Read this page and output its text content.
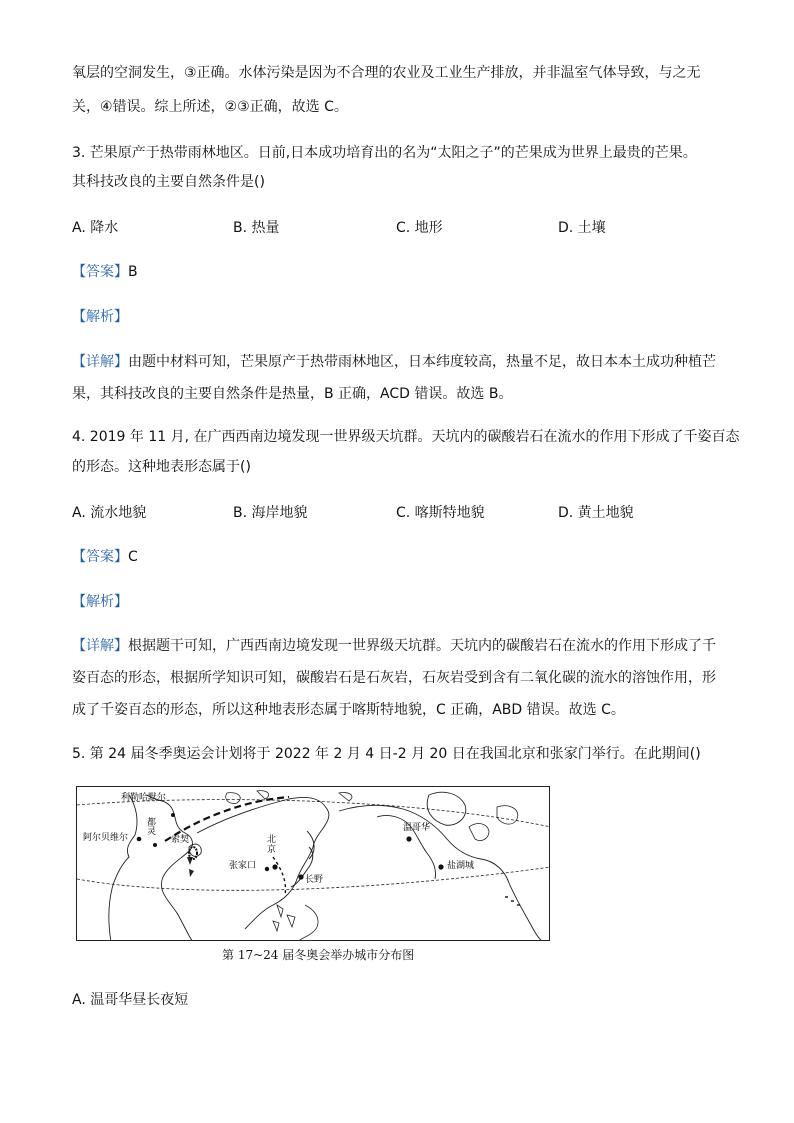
氧层的空洞发生，③正确。水体污染是因为不合理的农业及工业生产排放，并非温室气体导致，与之无
关，④错误。综上所述，②③正确，故选 C。
3. 芒果原产于热带雨林地区。日前,日本成功培育出的名为“太阳之子”的芒果成为世界上最贵的芒果。
其科技改良的主要自然条件是()
A. 降水	B. 热量	C. 地形	D. 土壤
【答案】B
【解析】
【详解】由题中材料可知，芒果原产于热带雨林地区，日本纬度较高，热量不足，故日本本土成功种植芒
果，其科技改良的主要自然条件是热量，B 正确，ACD 错误。故选 B。
4. 2019 年 11 月, 在广西西南边境发现一世界级天坑群。天坑内的碳酸岩石在流水的作用下形成了千姿百态
的形态。这种地表形态属于()
A. 流水地貌	B. 海岸地貌	C. 喀斯特地貌	D. 黄土地貌
【答案】C
【解析】
【详解】根据题干可知，广西西南边境发现一世界级天坑群。天坑内的碳酸岩石在流水的作用下形成了千
姿百态的形态，根据所学知识可知，碳酸岩石是石灰岩，石灰岩受到含有二氧化碳的流水的溶蚀作用，形
成了千姿百态的形态，所以这种地表形态属于喀斯特地貌，C 正确，ABD 错误。故选 C。
5. 第 24 届冬季奥运会计划将于 2022 年 2 月 4 日-2 月 20 日在我国北京和张家门举行。在此期间()
利勒哈默尔
阿尔贝维尔
都灵
索契	北京
张家口
长野
温哥华
盐湖城
第 17~24 届冬奥会举办城市分布图
A. 温哥华昼长夜短
